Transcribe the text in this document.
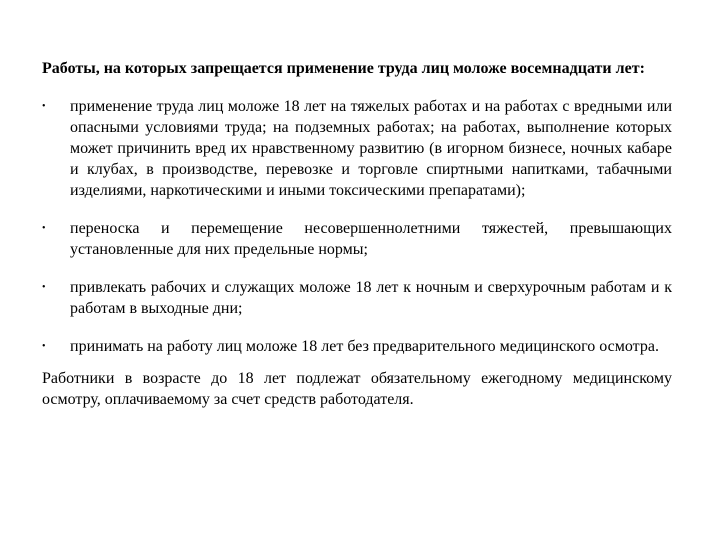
Работы, на которых запрещается применение труда лиц моложе восемнадцати лет:

•	применение труда лиц моложе 18 лет на тяжелых работах и на работах с вредными или опасными условиями труда; на подземных работах; на работах, выполнение которых может причинить вред их нравственному развитию (в игорном бизнесе, ночных кабаре и клубах, в производстве, перевозке и торговле спиртными напитками, табачными изделиями, наркотическими и иными токсическими препаратами);
•	переноска и перемещение несовершеннолетними тяжестей, превышающих установленные для них предельные нормы;
•	привлекать рабочих и служащих моложе 18 лет к ночным и сверхурочным работам и к работам в выходные дни;
•	принимать на работу лиц моложе 18 лет без предварительного медицинского осмотра.

Работники в возрасте до 18 лет подлежат обязательному ежегодному медицинскому осмотру, оплачиваемому за счет средств работодателя.
